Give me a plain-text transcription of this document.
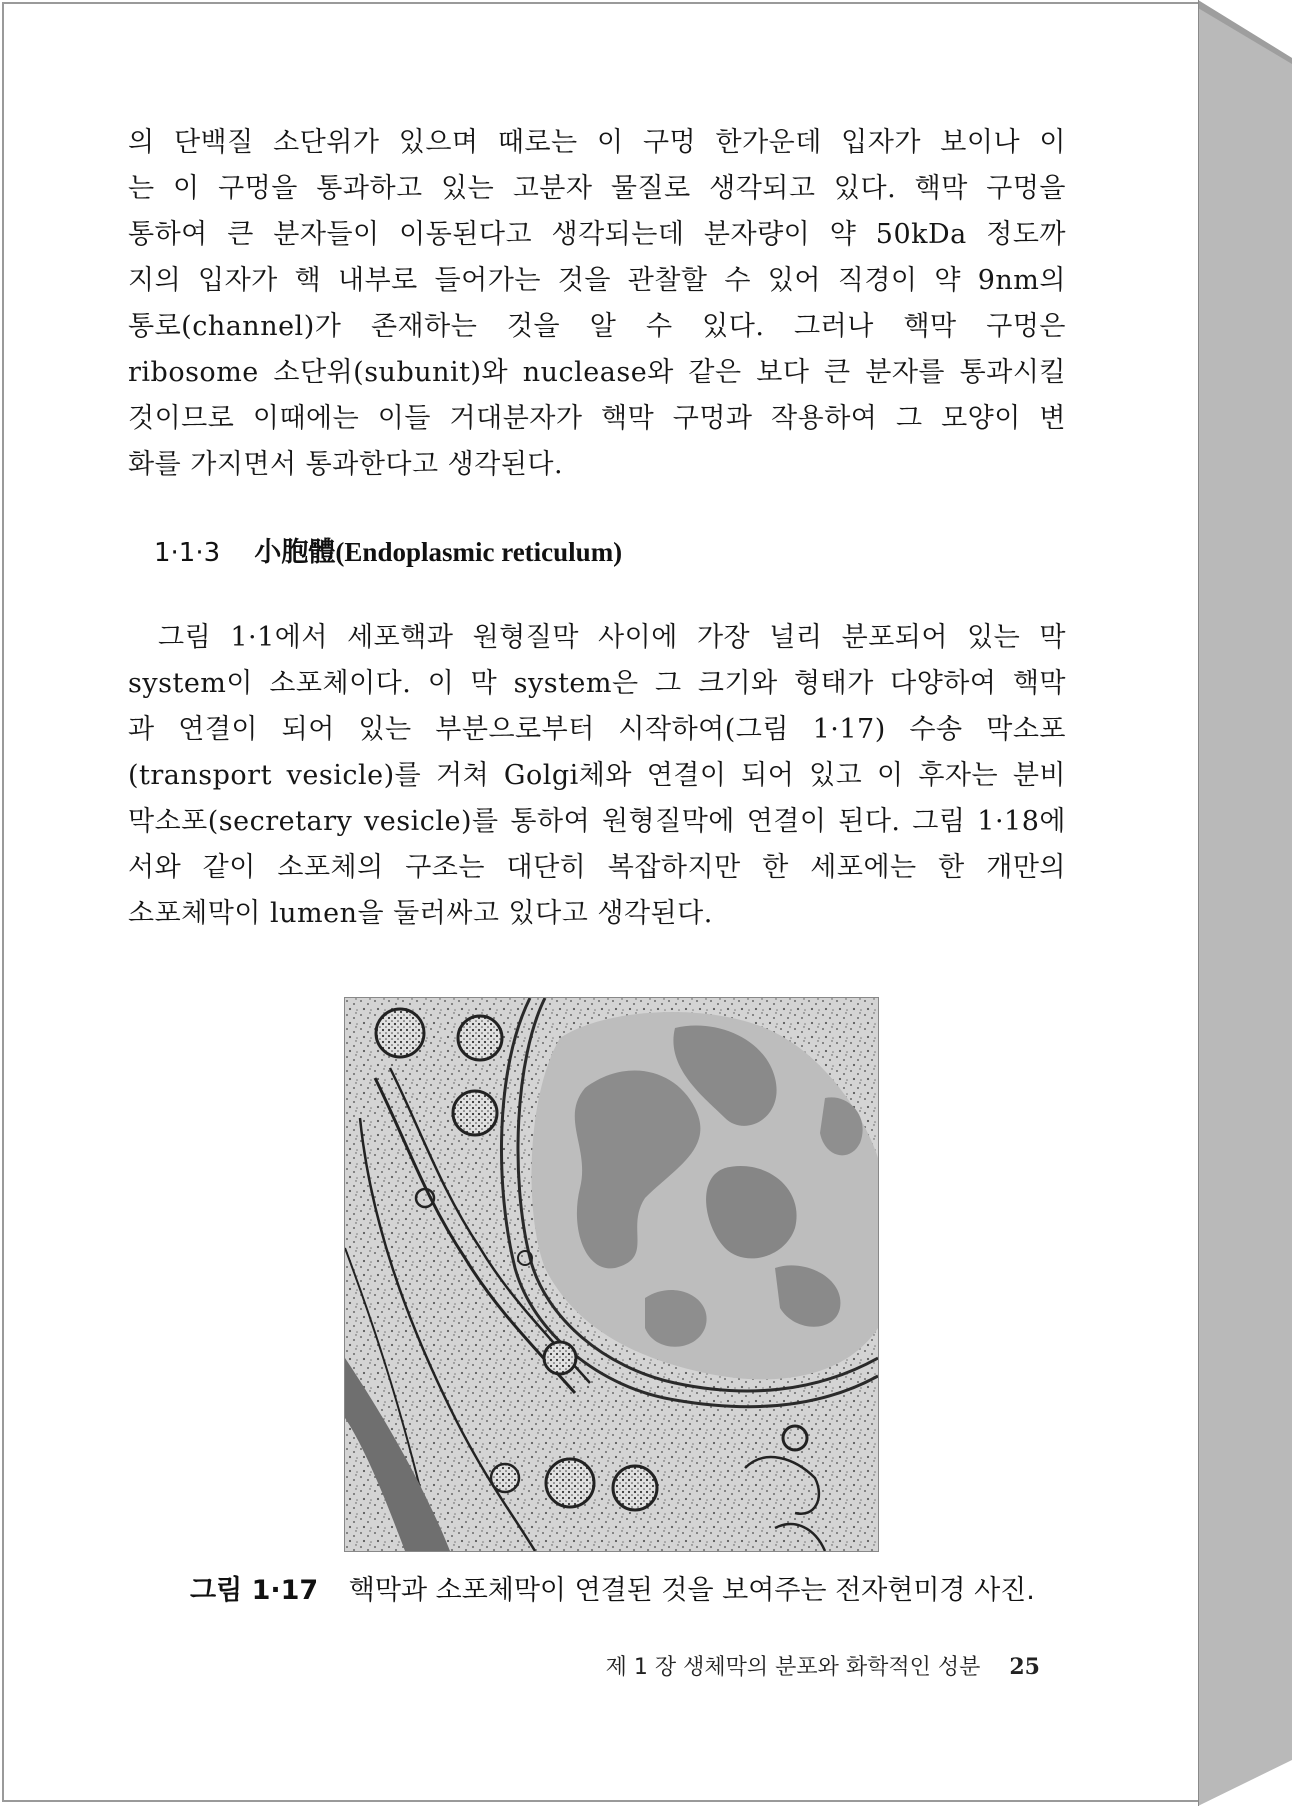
의 단백질 소단위가 있으며 때로는 이 구멍 한가운데 입자가 보이나 이
는 이 구멍을 통과하고 있는 고분자 물질로 생각되고 있다. 핵막 구멍을
통하여 큰 분자들이 이동된다고 생각되는데 분자량이 약 50kDa 정도까
지의 입자가 핵 내부로 들어가는 것을 관찰할 수 있어 직경이 약 9nm의
통로(channel)가 존재하는 것을 알 수 있다. 그러나 핵막 구멍은
ribosome 소단위(subunit)와 nuclease와 같은 보다 큰 분자를 통과시킬
것이므로 이때에는 이들 거대분자가 핵막 구멍과 작용하여 그 모양이 변
화를 가지면서 통과한다고 생각된다.
1·1·3 小胞體(Endoplasmic reticulum)
그림 1·1에서 세포핵과 원형질막 사이에 가장 널리 분포되어 있는 막
system이 소포체이다. 이 막 system은 그 크기와 형태가 다양하여 핵막
과 연결이 되어 있는 부분으로부터 시작하여(그림 1·17) 수송 막소포
(transport vesicle)를 거쳐 Golgi체와 연결이 되어 있고 이 후자는 분비
막소포(secretary vesicle)를 통하여 원형질막에 연결이 된다. 그림 1·18에
서와 같이 소포체의 구조는 대단히 복잡하지만 한 세포에는 한 개만의
소포체막이 lumen을 둘러싸고 있다고 생각된다.
그림 1·17 핵막과 소포체막이 연결된 것을 보여주는 전자현미경 사진.
제 1 장 생체막의 분포와 화학적인 성분 25
